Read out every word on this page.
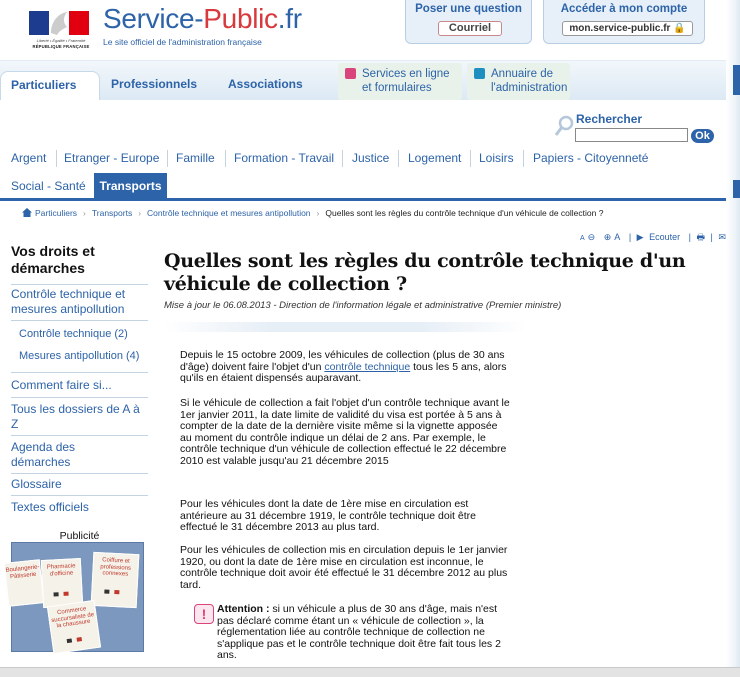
Liberté • Égalité • Fraternité
RÉPUBLIQUE FRANÇAISE
Service-Public.fr
Le site officiel de l'administration française
Poser une question
Courriel
Accéder à mon compte
mon.service-public.fr 🔒
Particuliers	Professionnels	Associations
Services en ligne
et formulaires
Annuaire de
l'administration
Rechercher
Ok
Argent Etranger - Europe Famille Formation - Travail Justice Logement Loisirs Papiers - Citoyenneté
Social - Santé	Transports
Particuliers › Transports › Contrôle technique et mesures antipollution › Quelles sont les règles du contrôle technique d'un véhicule de collection ?
A ⊖ ⊕ A | ▶ Ecouter | 🖶 | ✉
Vos droits et démarches
Contrôle technique et mesures antipollution
Contrôle technique (2)
Mesures antipollution (4)
Comment faire si...
Tous les dossiers de A à Z
Agenda des démarches
Glossaire
Textes officiels
Publicité
Boulangerie-Pâtisserie
Pharmacie d'officine
Coiffure et professions connexes
Commerce succursaliste de la chaussure
Quelles sont les règles du contrôle technique d'un véhicule de collection ?
Mise à jour le 06.08.2013 - Direction de l'information légale et administrative (Premier ministre)
Depuis le 15 octobre 2009, les véhicules de collection (plus de 30 ans d'âge) doivent faire l'objet d'un contrôle technique tous les 5 ans, alors qu'ils en étaient dispensés auparavant.
Si le véhicule de collection a fait l'objet d'un contrôle technique avant le 1er janvier 2011, la date limite de validité du visa est portée à 5 ans à compter de la date de la dernière visite même si la vignette apposée au moment du contrôle indique un délai de 2 ans. Par exemple, le contrôle technique d'un véhicule de collection effectué le 22 décembre 2010 est valable jusqu'au 21 décembre 2015
Pour les véhicules dont la date de 1ère mise en circulation est antérieure au 31 décembre 1919, le contrôle technique doit être effectué le 31 décembre 2013 au plus tard.
Pour les véhicules de collection mis en circulation depuis le 1er janvier 1920, ou dont la date de 1ère mise en circulation est inconnue, le contrôle technique doit avoir été effectué le 31 décembre 2012 au plus tard.
!	Attention : si un véhicule a plus de 30 ans d'âge, mais n'est pas déclaré comme étant un « véhicule de collection », la réglementation liée au contrôle technique de collection ne s'applique pas et le contrôle technique doit être fait tous les 2 ans.
